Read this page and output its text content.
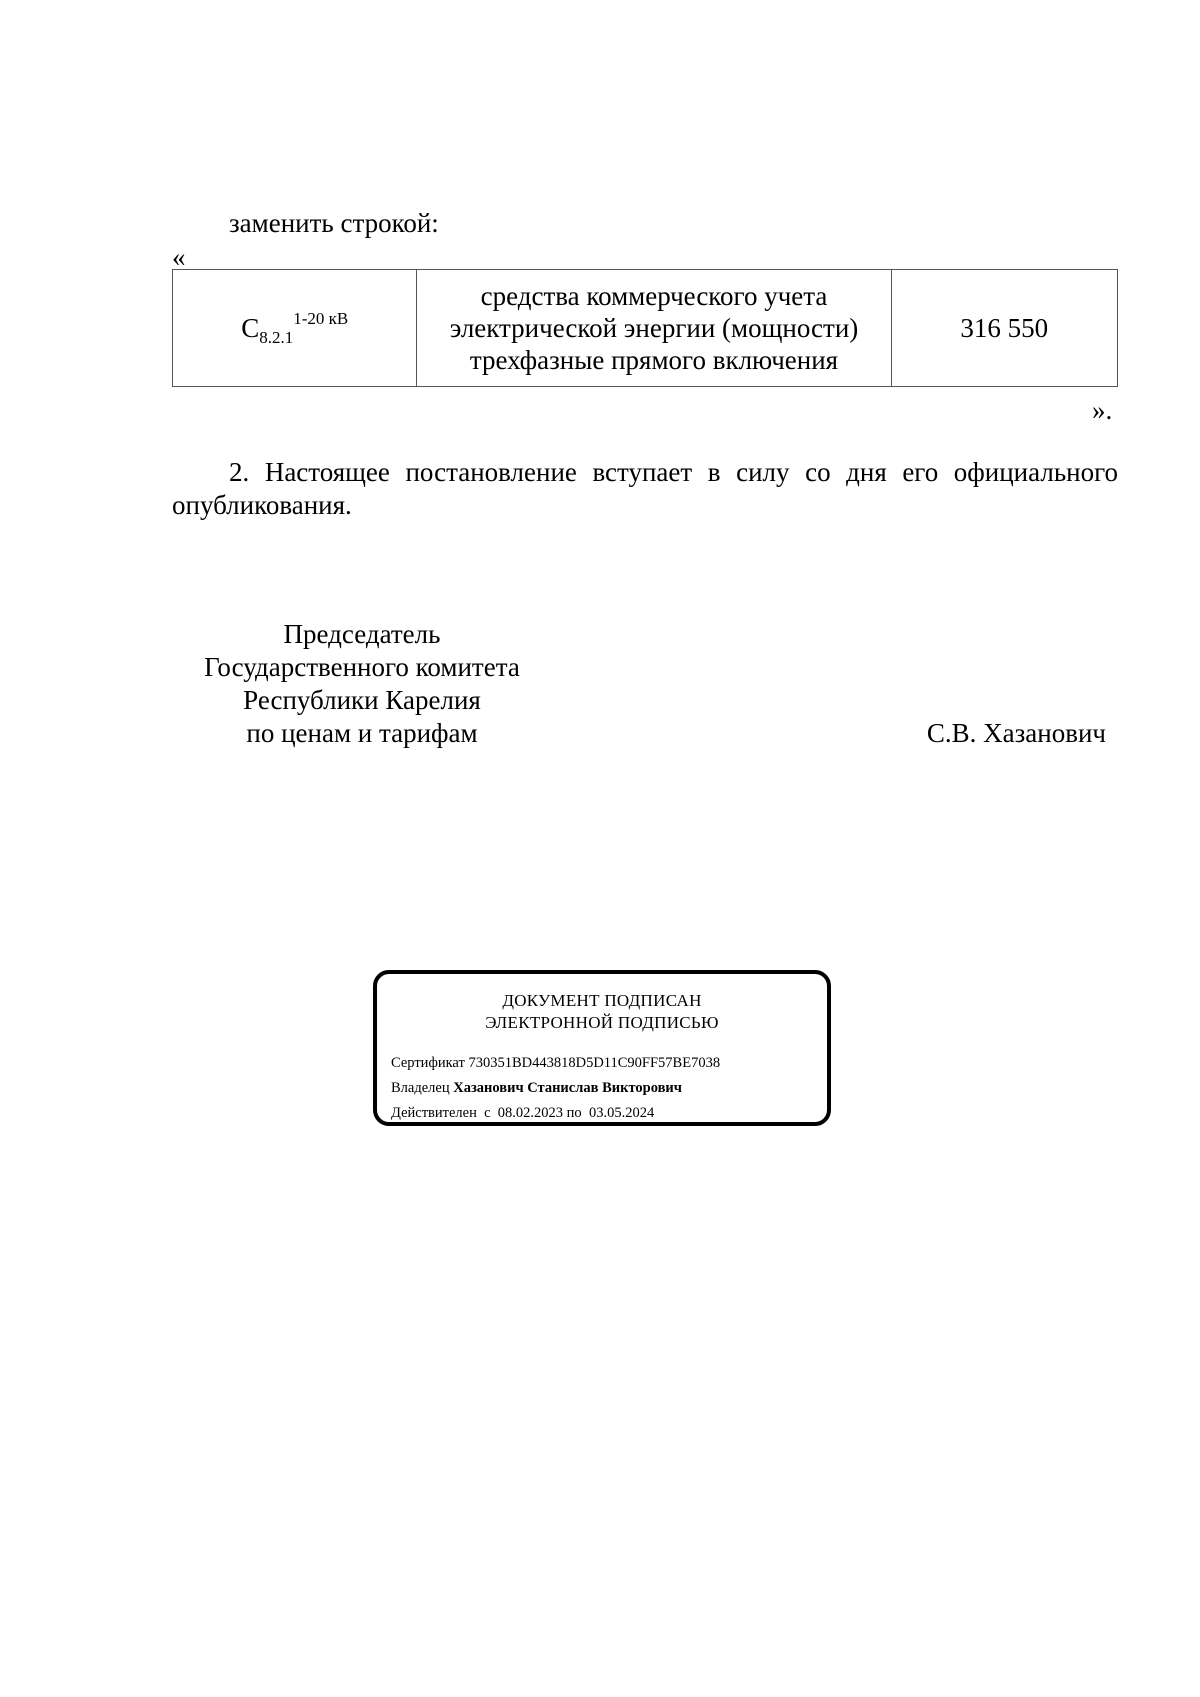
заменить строкой:
«
$С_{8.2.1}^{1-20 кВ}$	средства коммерческого учета электрической энергии (мощности) трехфазные прямого включения	316 550
».

2. Настоящее постановление вступает в силу со дня его официального опубликования.

Председатель
Государственного комитета
Республики Карелия
по ценам и тарифам	С.В. Хазанович
ДОКУМЕНТ ПОДПИСАН
ЭЛЕКТРОННОЙ ПОДПИСЬЮ
Сертификат 730351BD443818D5D11C90FF57BE7038
Владелец Хазанович Станислав Викторович
Действителен с 08.02.2023 по 03.05.2024
